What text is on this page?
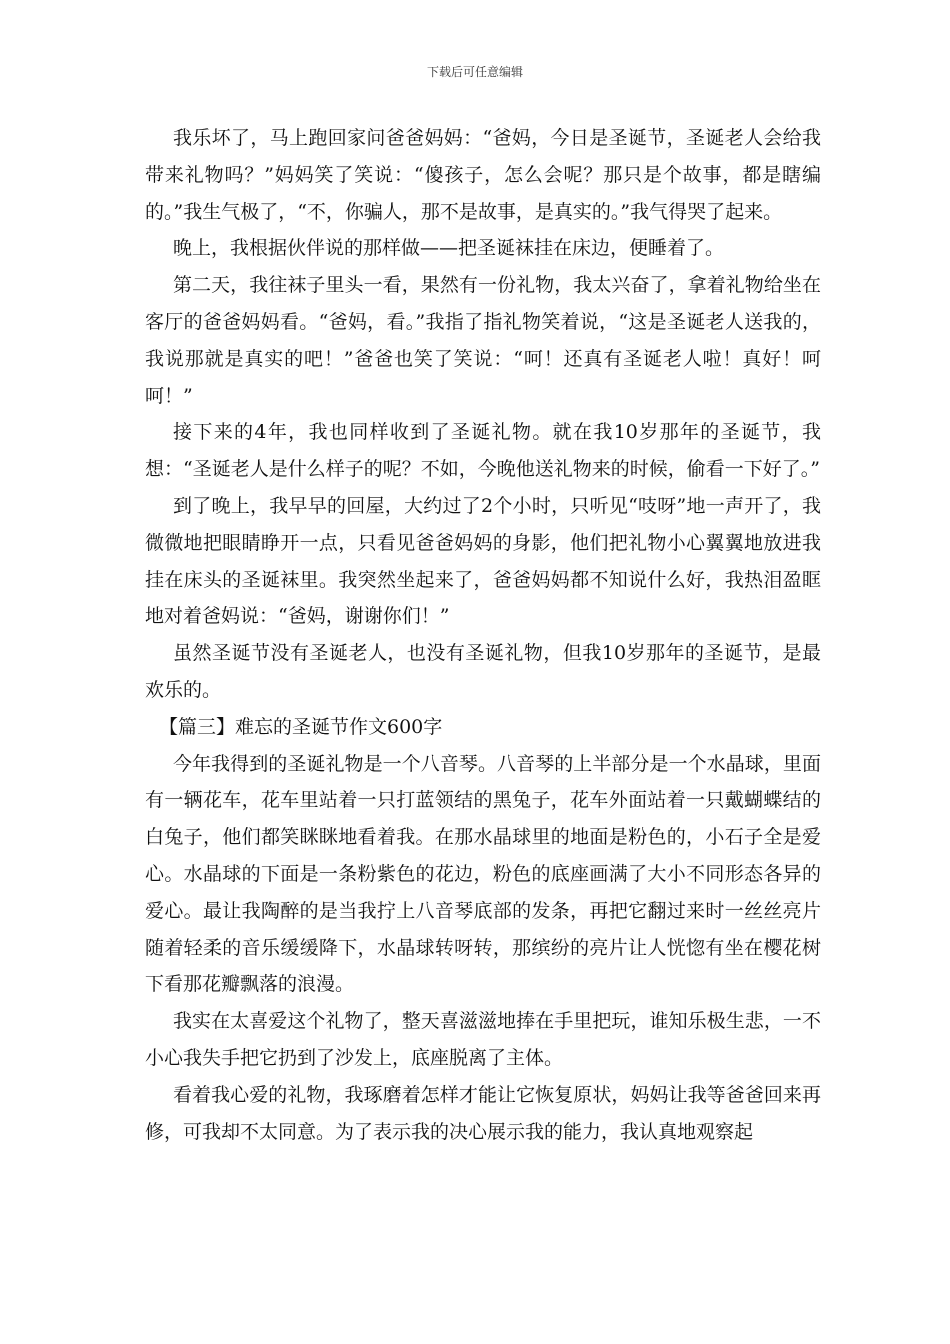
下载后可任意编辑

我乐坏了，马上跑回家问爸爸妈妈：“爸妈，今日是圣诞节，圣诞老人会给我带来礼物吗？”妈妈笑了笑说：“傻孩子，怎么会呢？那只是个故事，都是瞎编的。”我生气极了，“不，你骗人，那不是故事，是真实的。”我气得哭了起来。

晚上，我根据伙伴说的那样做——把圣诞袜挂在床边，便睡着了。

第二天，我往袜子里头一看，果然有一份礼物，我太兴奋了，拿着礼物给坐在客厅的爸爸妈妈看。“爸妈，看。”我指了指礼物笑着说，“这是圣诞老人送我的，我说那就是真实的吧！”爸爸也笑了笑说：“呵！还真有圣诞老人啦！真好！呵呵！”

接下来的4年，我也同样收到了圣诞礼物。就在我10岁那年的圣诞节，我想：“圣诞老人是什么样子的呢？不如，今晚他送礼物来的时候，偷看一下好了。”

到了晚上，我早早的回屋，大约过了2个小时，只听见“吱呀”地一声开了，我微微地把眼睛睁开一点，只看见爸爸妈妈的身影，他们把礼物小心翼翼地放进我挂在床头的圣诞袜里。我突然坐起来了，爸爸妈妈都不知说什么好，我热泪盈眶地对着爸妈说：“爸妈，谢谢你们！”

虽然圣诞节没有圣诞老人，也没有圣诞礼物，但我10岁那年的圣诞节，是最欢乐的。

【篇三】难忘的圣诞节作文600字

今年我得到的圣诞礼物是一个八音琴。八音琴的上半部分是一个水晶球，里面有一辆花车，花车里站着一只打蓝领结的黑兔子，花车外面站着一只戴蝴蝶结的白兔子，他们都笑眯眯地看着我。在那水晶球里的地面是粉色的，小石子全是爱心。水晶球的下面是一条粉紫色的花边，粉色的底座画满了大小不同形态各异的爱心。最让我陶醉的是当我拧上八音琴底部的发条，再把它翻过来时一丝丝亮片随着轻柔的音乐缓缓降下，水晶球转呀转，那缤纷的亮片让人恍惚有坐在樱花树下看那花瓣飘落的浪漫。

我实在太喜爱这个礼物了，整天喜滋滋地捧在手里把玩，谁知乐极生悲，一不小心我失手把它扔到了沙发上，底座脱离了主体。

看着我心爱的礼物，我琢磨着怎样才能让它恢复原状，妈妈让我等爸爸回来再修，可我却不太同意。为了表示我的决心展示我的能力，我认真地观察起
